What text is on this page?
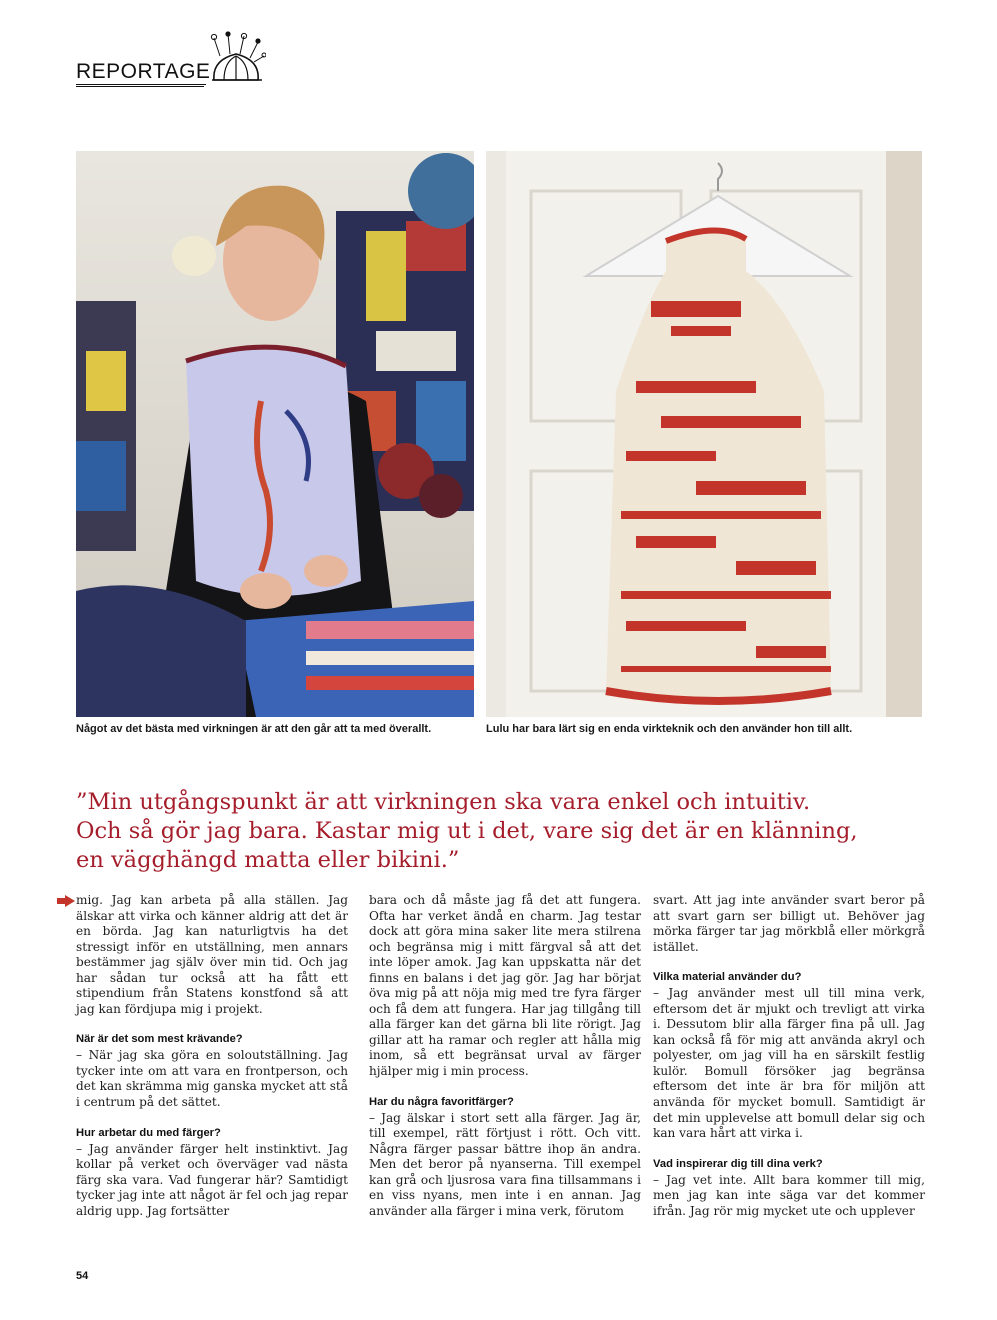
REPORTAGE
Något av det bästa med virkningen är att den går att ta med överallt.	Lulu har bara lärt sig en enda virkteknik och den använder hon till allt.
”Min utgångspunkt är att virkningen ska vara enkel och intuitiv.
Och så gör jag bara. Kastar mig ut i det, vare sig det är en klänning,
en vägghängd matta eller bikini.”

mig. Jag kan arbeta på alla ställen. Jag älskar att virka och känner aldrig att det är en börda. Jag kan naturligtvis ha det stressigt inför en utställning, men annars bestämmer jag själv över min tid. Och jag har sådan tur också att ha fått ett stipendium från Statens konstfond så att jag kan fördjupa mig i projekt.

När är det som mest krävande?

– När jag ska göra en soloutställning. Jag tycker inte om att vara en frontperson, och det kan skrämma mig ganska mycket att stå i centrum på det sättet.

Hur arbetar du med färger?

– Jag använder färger helt instinktivt. Jag kollar på verket och överväger vad nästa färg ska vara. Vad fungerar här? Samtidigt tycker jag inte att något är fel och jag repar aldrig upp. Jag fortsätter

bara och då måste jag få det att fungera. Ofta har verket ändå en charm. Jag testar dock att göra mina saker lite mera stilrena och begränsa mig i mitt färgval så att det inte löper amok. Jag kan uppskatta när det finns en balans i det jag gör. Jag har börjat öva mig på att nöja mig med tre fyra färger och få dem att fungera. Har jag tillgång till alla färger kan det gärna bli lite rörigt. Jag gillar att ha ramar och regler att hålla mig inom, så ett begränsat urval av färger hjälper mig i min process.

Har du några favoritfärger?

– Jag älskar i stort sett alla färger. Jag är, till exempel, rätt förtjust i rött. Och vitt. Några färger passar bättre ihop än andra. Men det beror på nyanserna. Till exempel kan grå och ljusrosa vara fina tillsammans i en viss nyans, men inte i en annan. Jag använder alla färger i mina verk, förutom

svart. Att jag inte använder svart beror på att svart garn ser billigt ut. Behöver jag mörka färger tar jag mörkblå eller mörkgrå istället.

Vilka material använder du?

– Jag använder mest ull till mina verk, eftersom det är mjukt och trevligt att virka i. Dessutom blir alla färger fina på ull. Jag kan också få för mig att använda akryl och polyester, om jag vill ha en särskilt festlig kulör. Bomull försöker jag begränsa eftersom det inte är bra för miljön att använda för mycket bomull. Samtidigt är det min upplevelse att bomull delar sig och kan vara hårt att virka i.

Vad inspirerar dig till dina verk?

– Jag vet inte. Allt bara kommer till mig, men jag kan inte säga var det kommer ifrån. Jag rör mig mycket ute och upplever

54
